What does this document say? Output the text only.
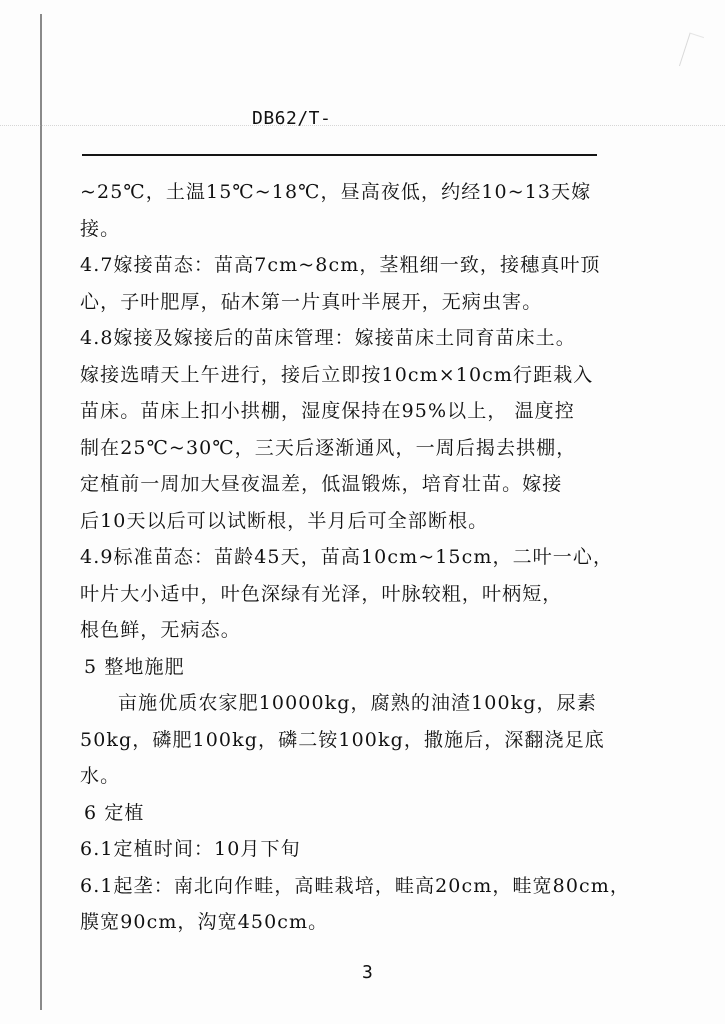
DB62/T-
~25℃，土温15℃~18℃，昼高夜低，约经10~13天嫁
接。
4.7嫁接苗态：苗高7cm~8cm，茎粗细一致，接穗真叶顶
心，子叶肥厚，砧木第一片真叶半展开，无病虫害。
4.8嫁接及嫁接后的苗床管理：嫁接苗床土同育苗床土。
嫁接选晴天上午进行，接后立即按10cm×10cm行距栽入
苗床。苗床上扣小拱棚，湿度保持在95%以上， 温度控
制在25℃~30℃，三天后逐渐通风，一周后揭去拱棚，
定植前一周加大昼夜温差，低温锻炼，培育壮苗。嫁接
后10天以后可以试断根，半月后可全部断根。
4.9标准苗态：苗龄45天，苗高10cm~15cm，二叶一心，
叶片大小适中，叶色深绿有光泽，叶脉较粗，叶柄短，
根色鲜，无病态。
5 整地施肥
亩施优质农家肥10000kg，腐熟的油渣100kg，尿素
50kg，磷肥100kg，磷二铵100kg，撒施后，深翻浇足底
水。
6 定植
6.1定植时间：10月下旬
6.1起垄：南北向作畦，高畦栽培，畦高20cm，畦宽80cm，
膜宽90cm，沟宽450cm。
3
